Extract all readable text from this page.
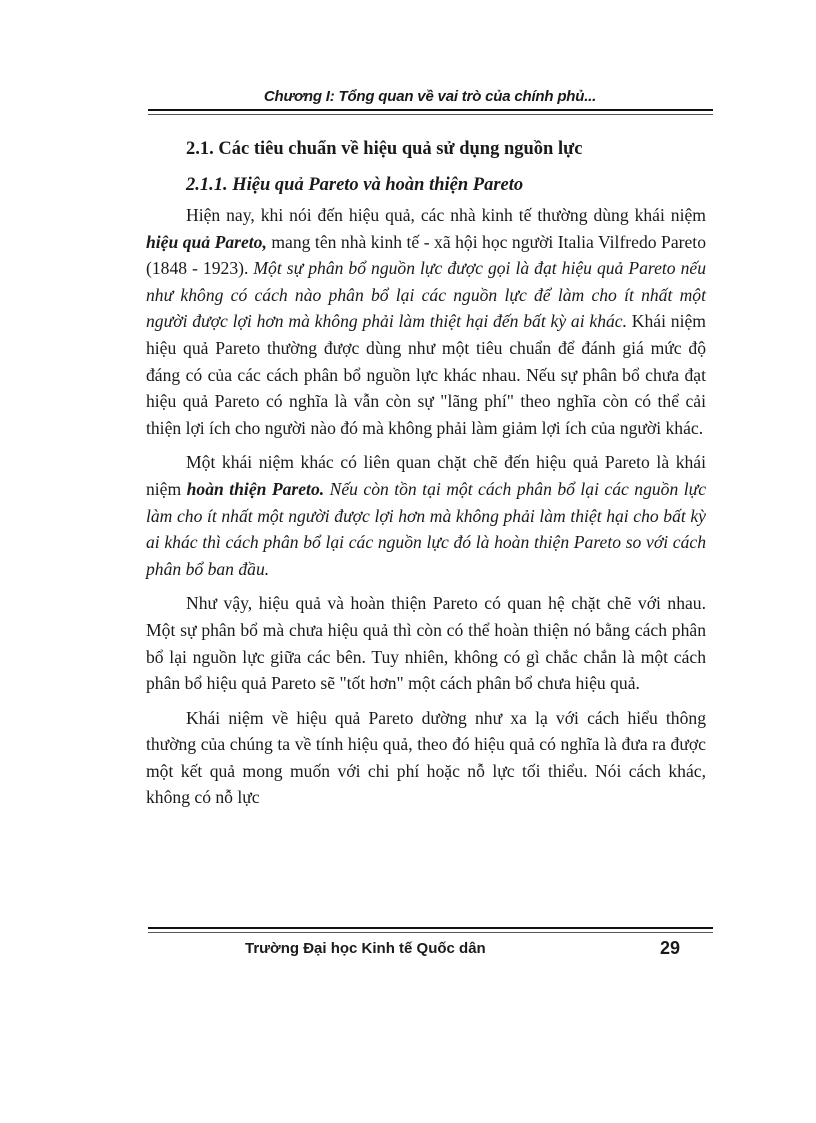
Chương I: Tổng quan về vai trò của chính phủ...
2.1. Các tiêu chuẩn về hiệu quả sử dụng nguồn lực
2.1.1. Hiệu quả Pareto và hoàn thiện Pareto

Hiện nay, khi nói đến hiệu quả, các nhà kinh tế thường dùng khái niệm hiệu quả Pareto, mang tên nhà kinh tế - xã hội học người Italia Vilfredo Pareto (1848 - 1923). Một sự phân bổ nguồn lực được gọi là đạt hiệu quả Pareto nếu như không có cách nào phân bổ lại các nguồn lực để làm cho ít nhất một người được lợi hơn mà không phải làm thiệt hại đến bất kỳ ai khác. Khái niệm hiệu quả Pareto thường được dùng như một tiêu chuẩn để đánh giá mức độ đáng có của các cách phân bổ nguồn lực khác nhau. Nếu sự phân bổ chưa đạt hiệu quả Pareto có nghĩa là vẫn còn sự "lãng phí" theo nghĩa còn có thể cải thiện lợi ích cho người nào đó mà không phải làm giảm lợi ích của người khác.

Một khái niệm khác có liên quan chặt chẽ đến hiệu quả Pareto là khái niệm hoàn thiện Pareto. Nếu còn tồn tại một cách phân bổ lại các nguồn lực làm cho ít nhất một người được lợi hơn mà không phải làm thiệt hại cho bất kỳ ai khác thì cách phân bổ lại các nguồn lực đó là hoàn thiện Pareto so với cách phân bổ ban đầu.

Như vậy, hiệu quả và hoàn thiện Pareto có quan hệ chặt chẽ với nhau. Một sự phân bổ mà chưa hiệu quả thì còn có thể hoàn thiện nó bằng cách phân bổ lại nguồn lực giữa các bên. Tuy nhiên, không có gì chắc chắn là một cách phân bổ hiệu quả Pareto sẽ "tốt hơn" một cách phân bổ chưa hiệu quả.

Khái niệm về hiệu quả Pareto dường như xa lạ với cách hiểu thông thường của chúng ta về tính hiệu quả, theo đó hiệu quả có nghĩa là đưa ra được một kết quả mong muốn với chi phí hoặc nỗ lực tối thiểu. Nói cách khác, không có nỗ lực

Trường Đại học Kinh tế Quốc dân	29
